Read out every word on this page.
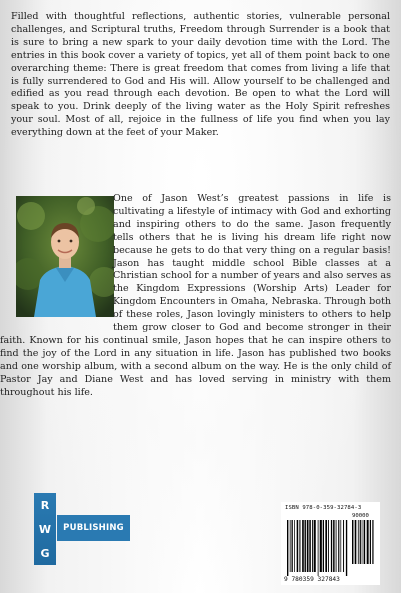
Filled with thoughtful reflections, authentic stories, vulnerable personal challenges, and Scriptural truths, Freedom through Surrender is a book that is sure to bring a new spark to your daily devotion time with the Lord. The entries in this book cover a variety of topics, yet all of them point back to one overarching theme: There is great freedom that comes from living a life that is fully surrendered to God and His will. Allow yourself to be challenged and edified as you read through each devotion. Be open to what the Lord will speak to you. Drink deeply of the living water as the Holy Spirit refreshes your soul. Most of all, rejoice in the fullness of life you find when you lay everything down at the feet of your Maker.

One of Jason West’s greatest passions in life is cultivating a lifestyle of intimacy with God and exhorting and inspiring others to do the same. Jason frequently tells others that he is living his dream life right now because he gets to do that very thing on a regular basis! Jason has taught middle school Bible classes at a Christian school for a number of years and also serves as the Kingdom Expressions (Worship Arts) Leader for Kingdom Encounters in Omaha, Nebraska. Through both of these roles, Jason lovingly ministers to others to help them grow closer to God and become stronger in their faith. Known for his continual smile, Jason hopes that he can inspire others to find the joy of the Lord in any situation in life. Jason has published two books and one worship album, with a second album on the way. He is the only child of Pastor Jay and Diane West and has loved serving in ministry with them throughout his life.

R
W
G
PUBLISHING
ISBN 978-0-359-32784-3
90000
9 780359 327843
